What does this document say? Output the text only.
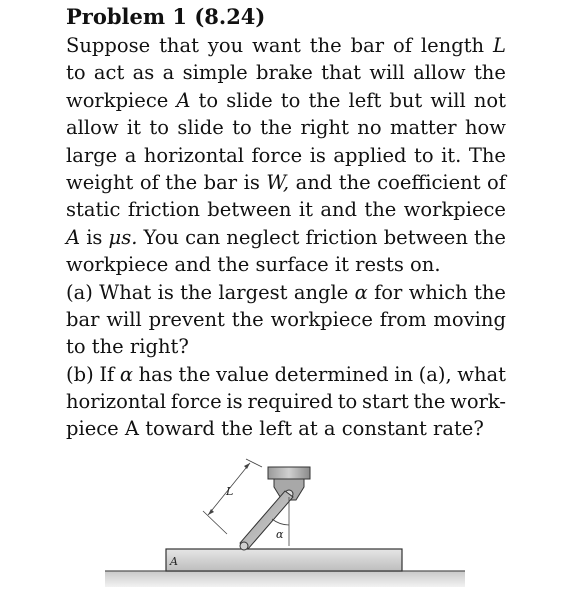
Problem 1 (8.24)
Suppose that you want the bar of length L
to act as a simple brake that will allow the
workpiece A to slide to the left but will not
allow it to slide to the right no matter how
large a horizontal force is applied to it. The
weight of the bar is W, and the coefficient of
static friction between it and the workpiece
A is μs. You can neglect friction between the
workpiece and the surface it rests on.
(a) What is the largest angle α for which the
bar will prevent the workpiece from moving
to the right?
(b) If α has the value determined in (a), what
horizontal force is required to start the work-
piece A toward the left at a constant rate?
A
α
L
